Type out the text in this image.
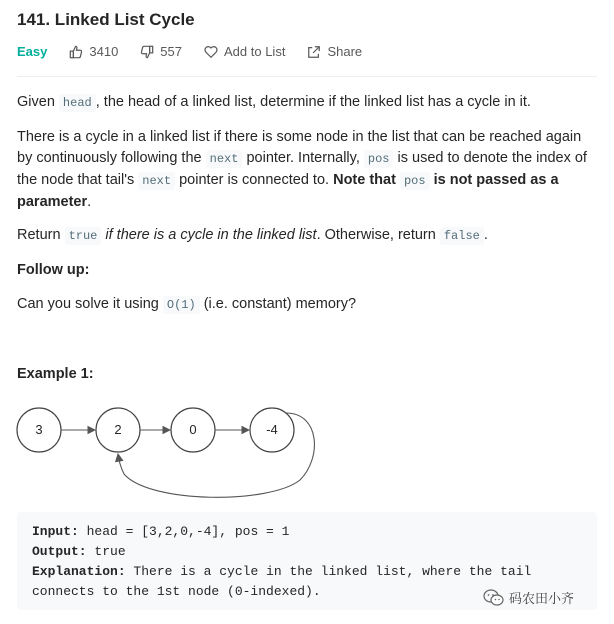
141. Linked List Cycle
Easy	3410	557	Add to List	Share
Given head , the head of a linked list, determine if the linked list has a cycle in it.
There is a cycle in a linked list if there is some node in the list that can be reached again by continuously following the next pointer. Internally, pos is used to denote the index of the node that tail's next pointer is connected to. Note that pos is not passed as a parameter.
Return true if there is a cycle in the linked list. Otherwise, return false .
Follow up:
Can you solve it using O(1) (i.e. constant) memory?
Example 1:
3	2	0	-4
Input: head = [3,2,0,-4], pos = 1
Output: true
Explanation: There is a cycle in the linked list, where the tail
connects to the 1st node (0-indexed).	码农田小齐
